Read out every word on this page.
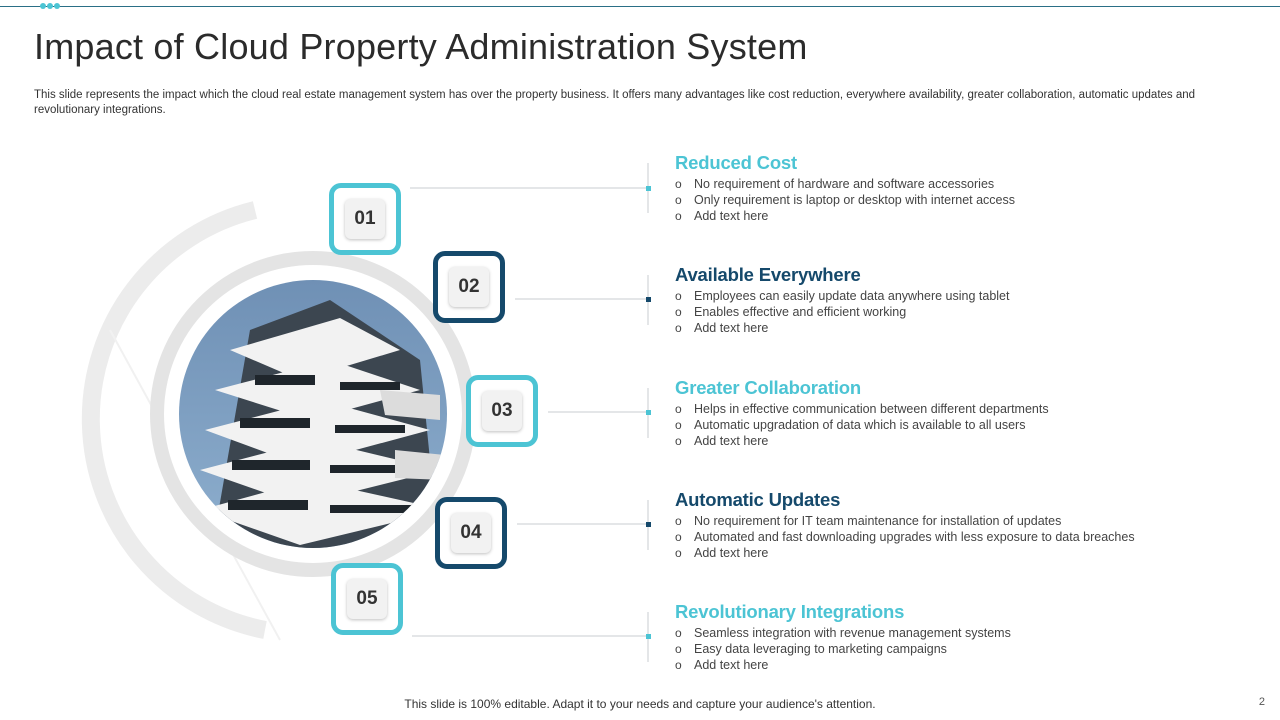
Impact of Cloud Property Administration System

This slide represents the impact which the cloud real estate management system has over the property business. It offers many advantages like cost reduction, everywhere availability, greater collaboration, automatic updates and revolutionary integrations.

01
02
03
04
05
Reduced Cost
o No requirement of hardware and software accessories
o Only requirement is laptop or desktop with internet access
o Add text here
Available Everywhere
o Employees can easily update data anywhere using tablet
o Enables effective and efficient working
o Add text here
Greater Collaboration
o Helps in effective communication between different departments
o Automatic upgradation of data which is available to all users
o Add text here
Automatic Updates
o No requirement for IT team maintenance for installation of updates
o Automated and fast downloading upgrades with less exposure to data breaches
o Add text here
Revolutionary Integrations
o Seamless integration with revenue management systems
o Easy data leveraging to marketing campaigns
o Add text here
This slide is 100% editable. Adapt it to your needs and capture your audience's attention.	2
